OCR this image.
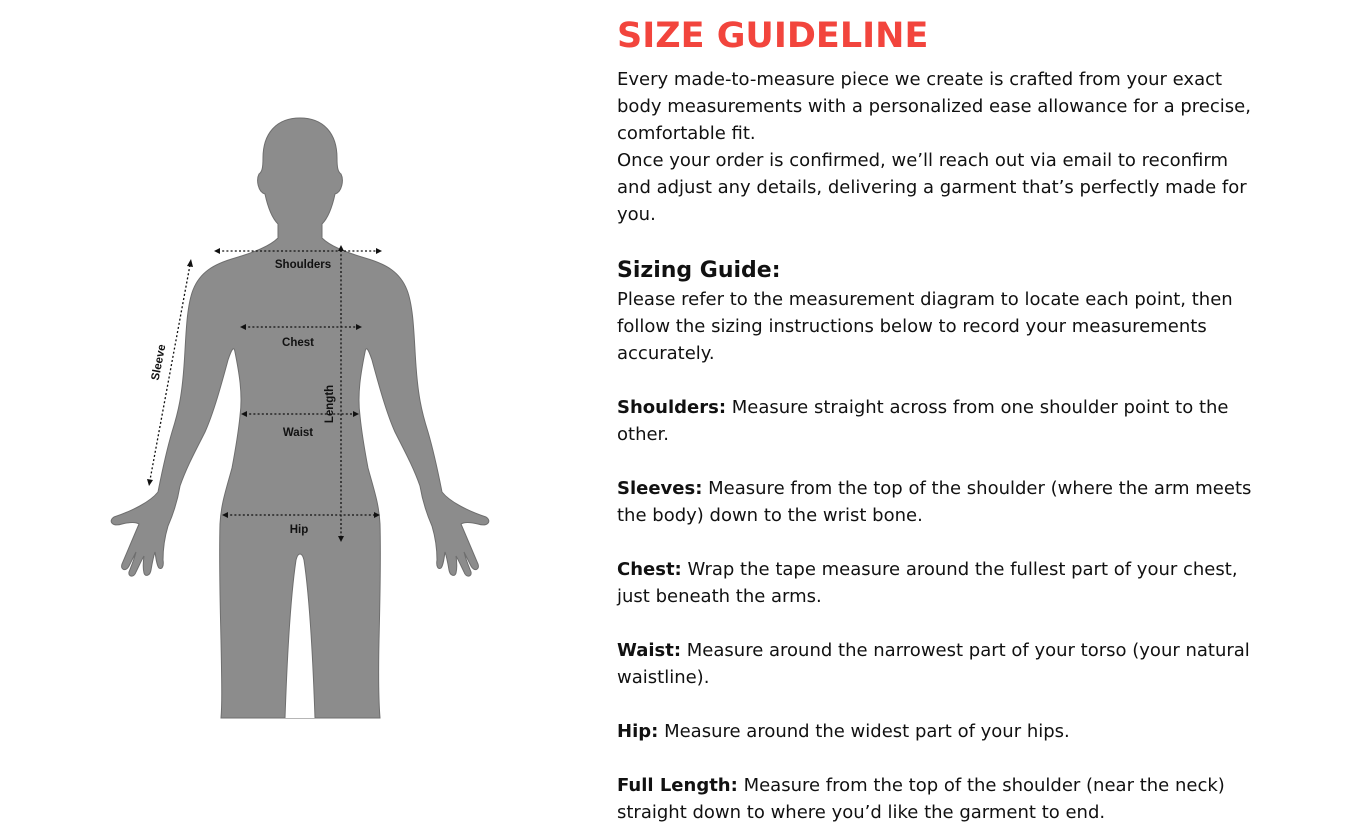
Shoulders
Chest
Waist
Hip
Length
Sleeve
SIZE GUIDELINE

Every made-to-measure piece we create is crafted from your exact body measurements with a personalized ease allowance for a precise, comfortable fit.

Once your order is confirmed, we’ll reach out via email to reconfirm and adjust any details, delivering a garment that’s perfectly made for you.

Sizing Guide:

Please refer to the measurement diagram to locate each point, then follow the sizing instructions below to record your measurements accurately.

Shoulders: Measure straight across from one shoulder point to the other.

Sleeves: Measure from the top of the shoulder (where the arm meets the body) down to the wrist bone.

Chest: Wrap the tape measure around the fullest part of your chest, just beneath the arms.

Waist: Measure around the narrowest part of your torso (your natural waistline).

Hip: Measure around the widest part of your hips.

Full Length: Measure from the top of the shoulder (near the neck) straight down to where you’d like the garment to end.
